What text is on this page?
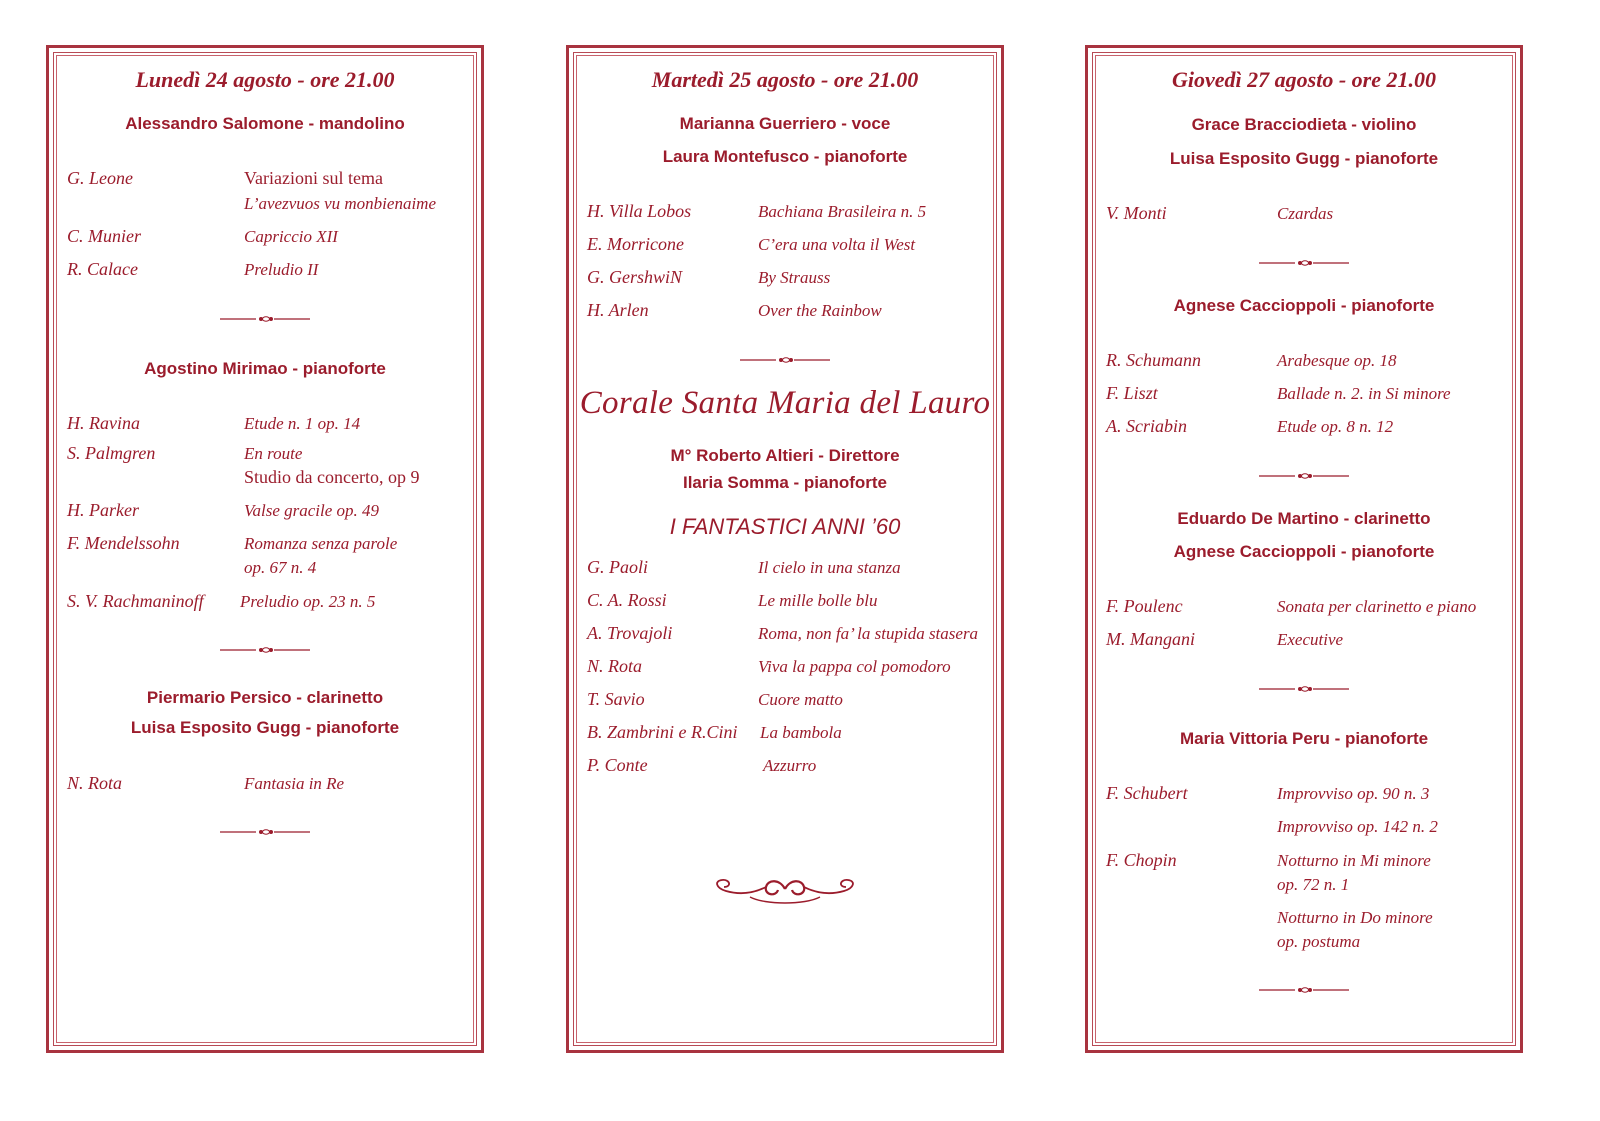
Lunedì 24 agosto - ore 21.00
Alessandro Salomone - mandolino
G. Leone	Variazioni sul tema
L’avezvuos vu monbienaime
C. Munier	Capriccio XII
R. Calace	Preludio II
Agostino Mirimao - pianoforte
H. Ravina	Etude n. 1 op. 14
S. Palmgren	En route
Studio da concerto, op 9
H. Parker	Valse gracile op. 49
F. Mendelssohn	Romanza senza parole
op. 67 n. 4
S. V. Rachmaninoff Preludio op. 23 n. 5
Piermario Persico - clarinetto
Luisa Esposito Gugg - pianoforte
N. Rota	Fantasia in Re
Martedì 25 agosto - ore 21.00
Marianna Guerriero - voce
Laura Montefusco - pianoforte
H. Villa Lobos	Bachiana Brasileira n. 5
E. Morricone	C’era una volta il West
G. GershwiN	By Strauss
H. Arlen	Over the Rainbow
Corale Santa Maria del Lauro
M° Roberto Altieri - Direttore
Ilaria Somma - pianoforte
I FANTASTICI ANNI ’60
G. Paoli	Il cielo in una stanza
C. A. Rossi	Le mille bolle blu
A. Trovajoli	Roma, non fa’ la stupida stasera
N. Rota	Viva la pappa col pomodoro
T. Savio	Cuore matto
B. Zambrini e R.Cini La bambola
P. Conte	Azzurro
Giovedì 27 agosto - ore 21.00
Grace Bracciodieta - violino
Luisa Esposito Gugg - pianoforte
V. Monti	Czardas
Agnese Caccioppoli - pianoforte
R. Schumann	Arabesque op. 18
F. Liszt	Ballade n. 2. in Si minore
A. Scriabin	Etude op. 8 n. 12
Eduardo De Martino - clarinetto
Agnese Caccioppoli - pianoforte
F. Poulenc	Sonata per clarinetto e piano
M. Mangani	Executive
Maria Vittoria Peru - pianoforte
F. Schubert	Improvviso op. 90 n. 3
Improvviso op. 142 n. 2
F. Chopin	Notturno in Mi minore
op. 72 n. 1
Notturno in Do minore
op. postuma
